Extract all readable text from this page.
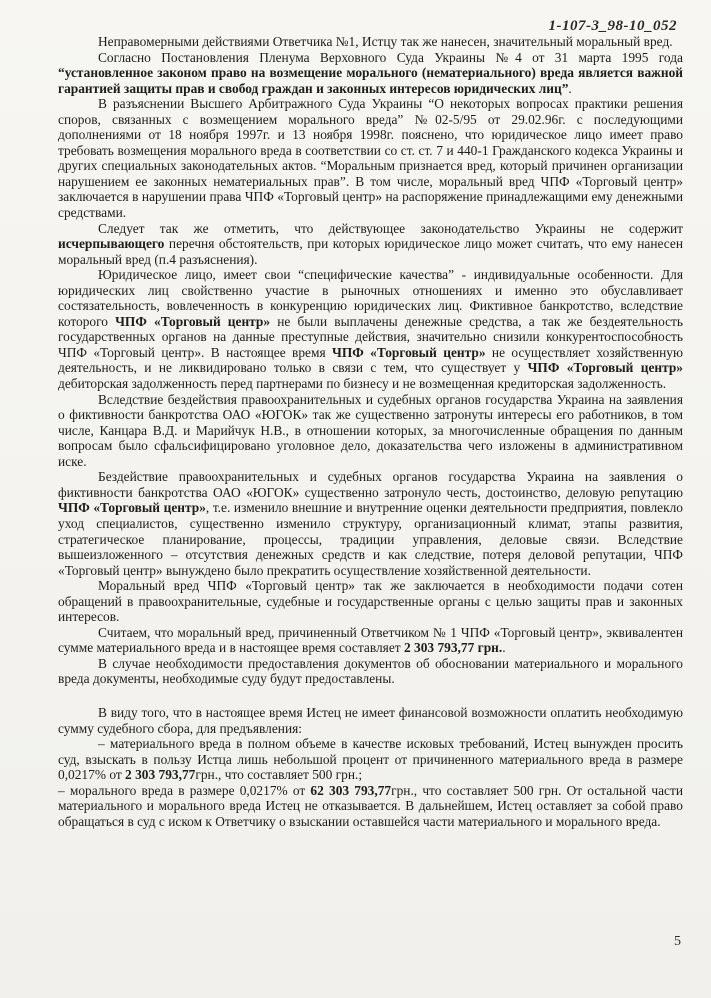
1-107-3_98-10_052

Неправомерными действиями Ответчика №1, Истцу так же нанесен, значительный моральный вред.

Согласно Постановления Пленума Верховного Суда Украины №4 от 31 марта 1995 года “установленное законом право на возмещение морального (нематериального) вреда является важной гарантией защиты прав и свобод граждан и законных интересов юридических лиц”.

В разъяснении Высшего Арбитражного Суда Украины “О некоторых вопросах практики решения споров, связанных с возмещением морального вреда” №02-5/95 от 29.02.96г. с последующими дополнениями от 18 ноября 1997г. и 13 ноября 1998г. пояснено, что юридическое лицо имеет право требовать возмещения морального вреда в соответствии со ст. ст. 7 и 440-1 Гражданского кодекса Украины и других специальных законодательных актов. “Моральным признается вред, который причинен организации нарушением ее законных нематериальных прав”. В том числе, моральный вред ЧПФ «Торговый центр» заключается в нарушении права ЧПФ «Торговый центр» на распоряжение принадлежащими ему денежными средствами.

Следует так же отметить, что действующее законодательство Украины не содержит исчерпывающего перечня обстоятельств, при которых юридическое лицо может считать, что ему нанесен моральный вред (п.4 разъяснения).

Юридическое лицо, имеет свои “специфические качества” - индивидуальные особенности. Для юридических лиц свойственно участие в рыночных отношениях и именно это обуславливает состязательность, вовлеченность в конкуренцию юридических лиц. Фиктивное банкротство, вследствие которого ЧПФ «Торговый центр» не были выплачены денежные средства, а так же бездеятельность государственных органов на данные преступные действия, значительно снизили конкурентоспособность ЧПФ «Торговый центр». В настоящее время ЧПФ «Торговый центр» не осуществляет хозяйственную деятельность, и не ликвидировано только в связи с тем, что существует у ЧПФ «Торговый центр» дебиторская задолженность перед партнерами по бизнесу и не возмещенная кредиторская задолженность.

Вследствие бездействия правоохранительных и судебных органов государства Украина на заявления о фиктивности банкротства ОАО «ЮГОК» так же существенно затронуты интересы его работников, в том числе, Канцара В.Д. и Марийчук Н.В., в отношении которых, за многочисленные обращения по данным вопросам было сфальсифицировано уголовное дело, доказательства чего изложены в административном иске.

Бездействие правоохранительных и судебных органов государства Украина на заявления о фиктивности банкротства ОАО «ЮГОК» существенно затронуло честь, достоинство, деловую репутацию ЧПФ «Торговый центр», т.е. изменило внешние и внутренние оценки деятельности предприятия, повлекло уход специалистов, существенно изменило структуру, организационный климат, этапы развития, стратегическое планирование, процессы, традиции управления, деловые связи. Вследствие вышеизложенного – отсутствия денежных средств и как следствие, потеря деловой репутации, ЧПФ «Торговый центр» вынуждено было прекратить осуществление хозяйственной деятельности.

Моральный вред ЧПФ «Торговый центр» так же заключается в необходимости подачи сотен обращений в правоохранительные, судебные и государственные органы с целью защиты прав и законных интересов.

Считаем, что моральный вред, причиненный Ответчиком № 1 ЧПФ «Торговый центр», эквивалентен сумме материального вреда и в настоящее время составляет 2 303 793,77 грн..

В случае необходимости предоставления документов об обосновании материального и морального вреда документы, необходимые суду будут предоставлены.

В виду того, что в настоящее время Истец не имеет финансовой возможности оплатить необходимую сумму судебного сбора, для предъявления:

– материального вреда в полном объеме в качестве исковых требований, Истец вынужден просить суд, взыскать в пользу Истца лишь небольшой процент от причиненного материального вреда в размере 0,0217% от 2 303 793,77грн., что составляет 500 грн.;

– морального вреда в размере 0,0217% от 62 303 793,77грн., что составляет 500 грн. От остальной части материального и морального вреда Истец не отказывается. В дальнейшем, Истец оставляет за собой право обращаться в суд с иском к Ответчику о взыскании оставшейся части материального и морального вреда.

5
